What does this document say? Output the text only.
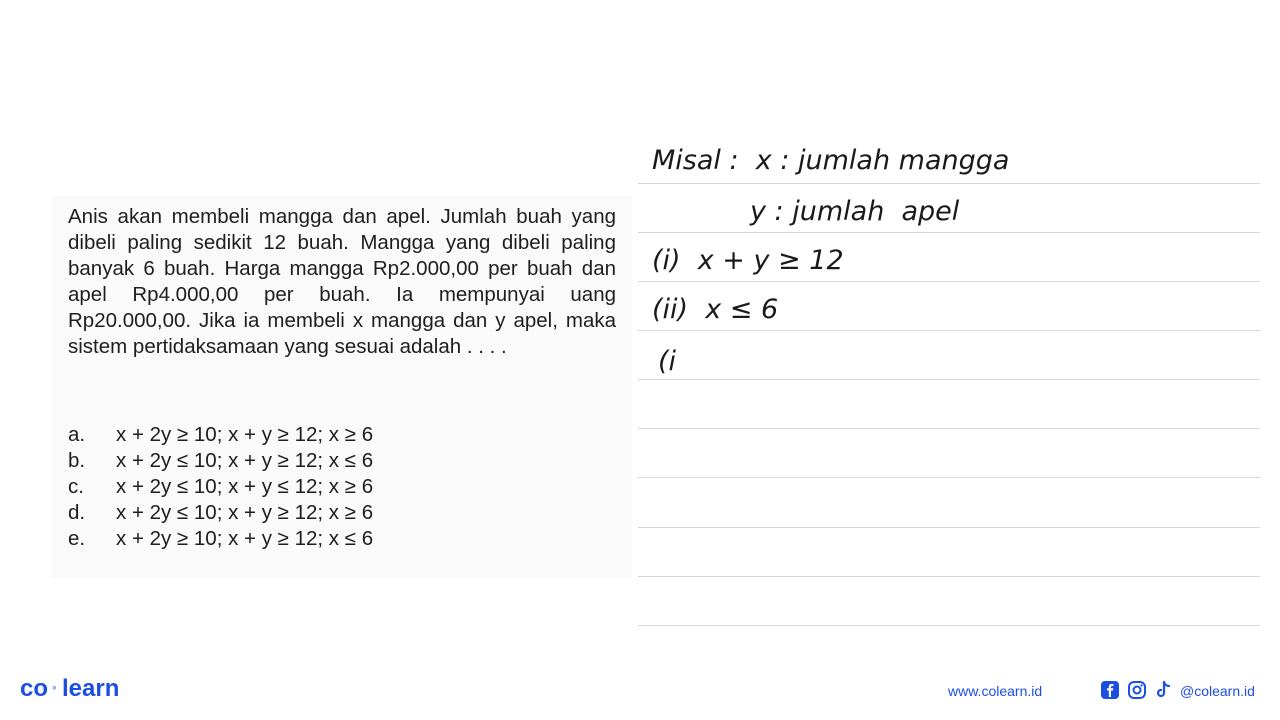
Anis akan membeli mangga dan apel. Jumlah buah yang dibeli paling sedikit 12 buah. Mangga yang dibeli paling banyak 6 buah. Harga mangga Rp2.000,00 per buah dan apel Rp4.000,00 per buah. Ia mempunyai uang Rp20.000,00. Jika ia membeli x mangga dan y apel, maka sistem pertidaksamaan yang sesuai adalah . . . .
a.	x + 2y ≥ 10; x + y ≥ 12; x ≥ 6
b.	x + 2y ≤ 10; x + y ≥ 12; x ≤ 6
c.	x + 2y ≤ 10; x + y ≤ 12; x ≥ 6
d.	x + 2y ≤ 10; x + y ≥ 12; x ≥ 6
e.	x + 2y ≥ 10; x + y ≥ 12; x ≤ 6
Misal :  x : jumlah mangga
y : jumlah  apel
(i)  x + y ≥ 12
(ii)  x ≤ 6
(i
co · learn	www.colearn.id	@colearn.id
